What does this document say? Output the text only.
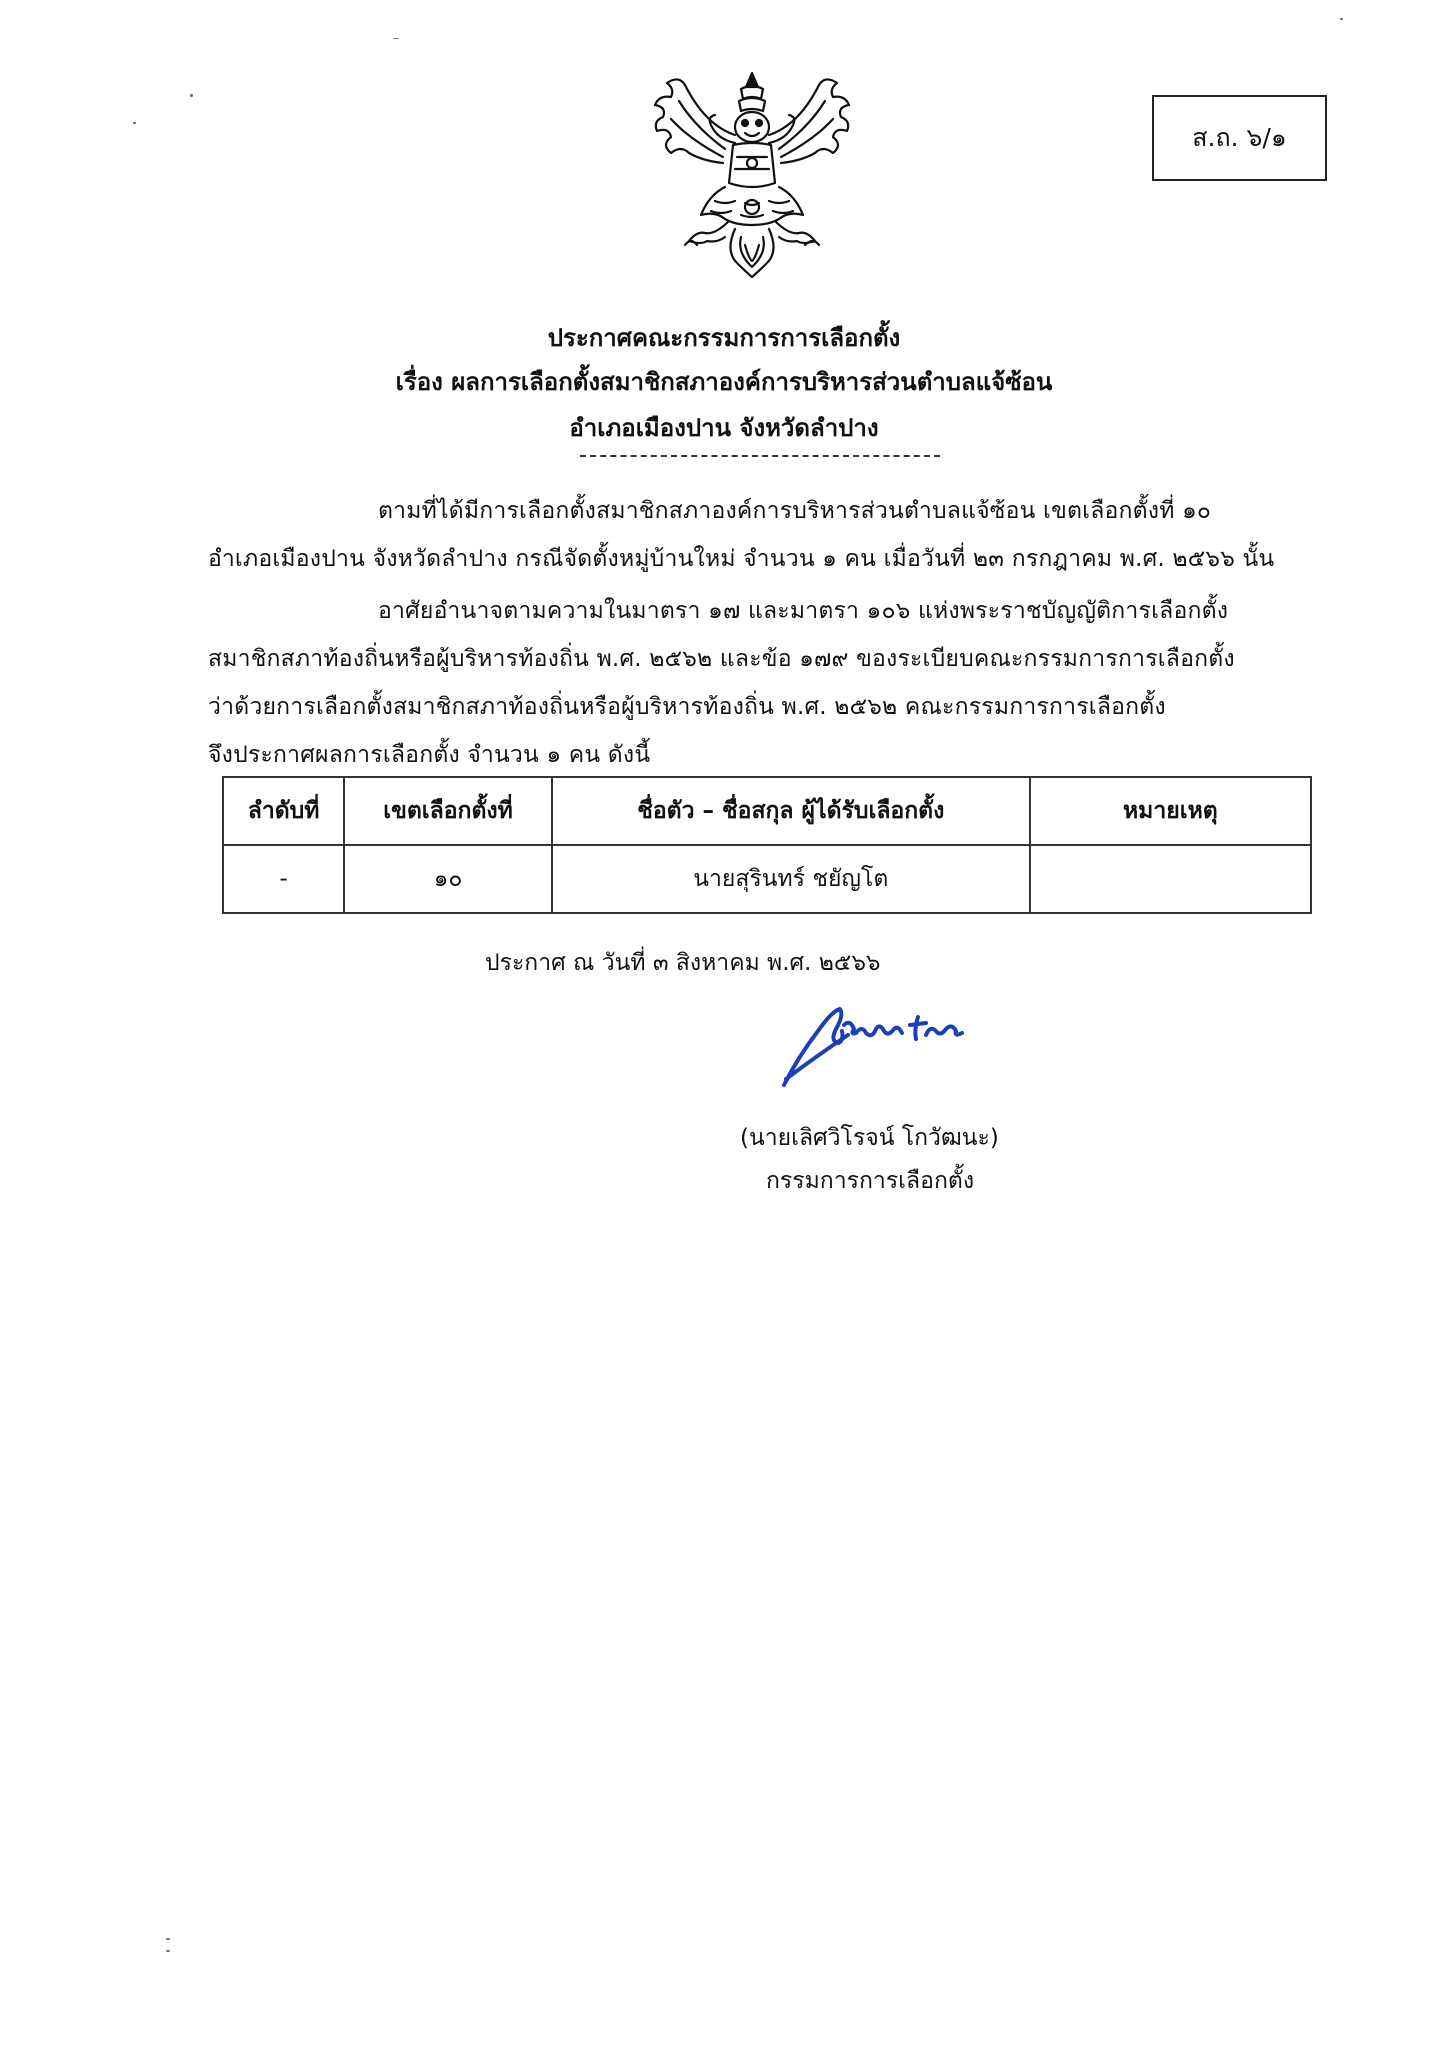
ส.ถ. ๖/๑
ประกาศคณะกรรมการการเลือกตั้ง
เรื่อง ผลการเลือกตั้งสมาชิกสภาองค์การบริหารส่วนตำบลแจ้ซ้อน
อำเภอเมืองปาน จังหวัดลำปาง
ตามที่ได้มีการเลือกตั้งสมาชิกสภาองค์การบริหารส่วนตำบลแจ้ซ้อน เขตเลือกตั้งที่ ๑๐
อำเภอเมืองปาน จังหวัดลำปาง กรณีจัดตั้งหมู่บ้านใหม่ จำนวน ๑ คน เมื่อวันที่ ๒๓ กรกฎาคม พ.ศ. ๒๕๖๖ นั้น
อาศัยอำนาจตามความในมาตรา ๑๗ และมาตรา ๑๐๖ แห่งพระราชบัญญัติการเลือกตั้ง
สมาชิกสภาท้องถิ่นหรือผู้บริหารท้องถิ่น พ.ศ. ๒๕๖๒ และข้อ ๑๗๙ ของระเบียบคณะกรรมการการเลือกตั้ง
ว่าด้วยการเลือกตั้งสมาชิกสภาท้องถิ่นหรือผู้บริหารท้องถิ่น พ.ศ. ๒๕๖๒ คณะกรรมการการเลือกตั้ง
จึงประกาศผลการเลือกตั้ง จำนวน ๑ คน ดังนี้
ลำดับที่	เขตเลือกตั้งที่	ชื่อตัว – ชื่อสกุล ผู้ได้รับเลือกตั้ง	หมายเหตุ
-	๑๐	นายสุรินทร์ ชยัญโต	
ประกาศ ณ วันที่ ๓ สิงหาคม พ.ศ. ๒๕๖๖
(นายเลิศวิโรจน์ โกวัฒนะ)
กรรมการการเลือกตั้ง
